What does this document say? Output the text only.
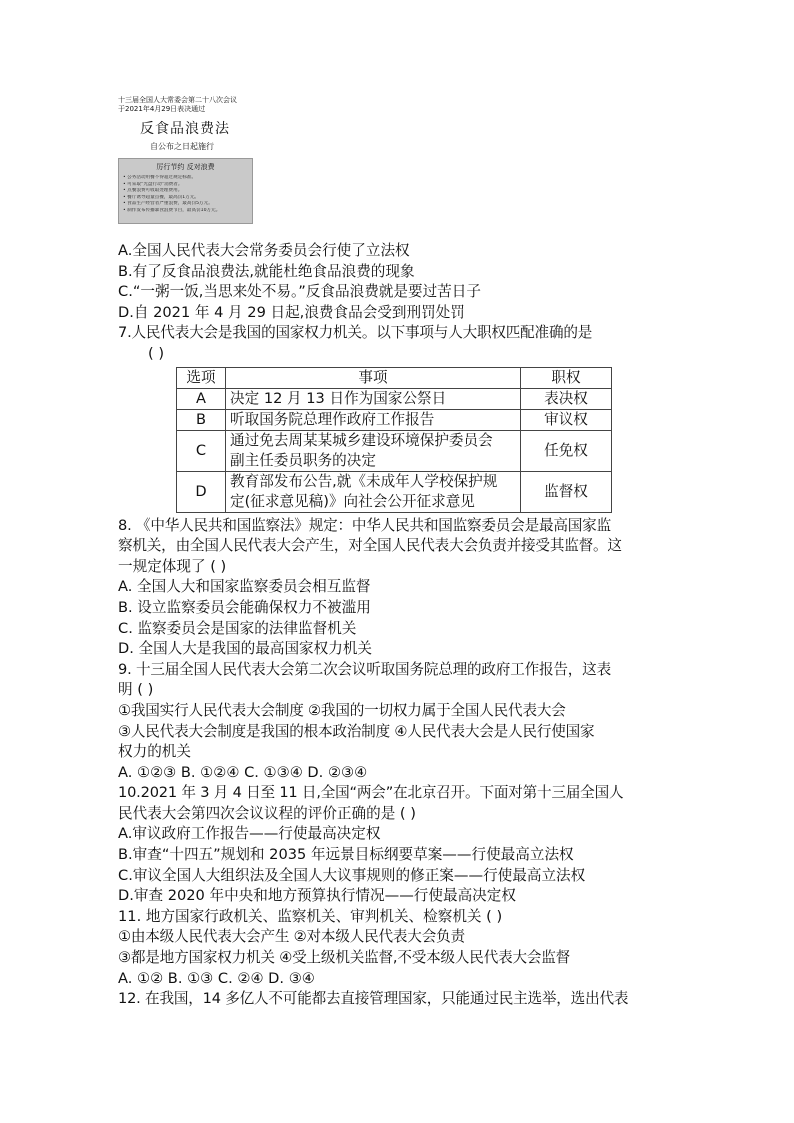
十三届全国人大常委会第二十八次会议
于2021年4月29日表决通过
反食品浪费法
自公布之日起施行
厉行节约 反对浪费
• 公务活动用餐不得超过规定标准。
• 可采取“光盘行动”消费者。
• 点餐浪费可收取处理费用。
• 餐厅诱导超量点餐，最高罚1万元。
• 食品生产经营者严重浪费，最高罚5万元。
• 制作发布传播暴食浪费节目，最高罚10万元。
A.全国人民代表大会常务委员会行使了立法权
B.有了反食品浪费法,就能杜绝食品浪费的现象
C.“一粥一饭,当思来处不易。”反食品浪费就是要过苦日子
D.自 2021 年 4 月 29 日起,浪费食品会受到刑罚处罚
7.人民代表大会是我国的国家权力机关。以下事项与人大职权匹配准确的是
( )
选项	事项	职权
A	决定 12 月 13 日作为国家公祭日	表决权
B	听取国务院总理作政府工作报告	审议权
C	通过免去周某某城乡建设环境保护委员会
副主任委员职务的决定	任免权
D	教育部发布公告,就《未成年人学校保护规
定(征求意见稿)》向社会公开征求意见	监督权
8. 《中华人民共和国监察法》规定：中华人民共和国监察委员会是最高国家监
察机关，由全国人民代表大会产生，对全国人民代表大会负责并接受其监督。这
一规定体现了 ( )
A. 全国人大和国家监察委员会相互监督
B. 设立监察委员会能确保权力不被滥用
C. 监察委员会是国家的法律监督机关
D. 全国人大是我国的最高国家权力机关
9. 十三届全国人民代表大会第二次会议听取国务院总理的政府工作报告，这表
明 ( )
①我国实行人民代表大会制度 ②我国的一切权力属于全国人民代表大会
③人民代表大会制度是我国的根本政治制度 ④人民代表大会是人民行使国家
权力的机关
A. ①②③ B. ①②④ C. ①③④ D. ②③④
10.2021 年 3 月 4 日至 11 日,全国“两会”在北京召开。下面对第十三届全国人
民代表大会第四次会议议程的评价正确的是 ( )
A.审议政府工作报告——行使最高决定权
B.审查“十四五”规划和 2035 年远景目标纲要草案——行使最高立法权
C.审议全国人大组织法及全国人大议事规则的修正案——行使最高立法权
D.审查 2020 年中央和地方预算执行情况——行使最高决定权
11. 地方国家行政机关、监察机关、审判机关、检察机关 ( )
①由本级人民代表大会产生 ②对本级人民代表大会负责
③都是地方国家权力机关 ④受上级机关监督,不受本级人民代表大会监督
A. ①② B. ①③ C. ②④ D. ③④
12. 在我国，14 多亿人不可能都去直接管理国家，只能通过民主选举，选出代表
